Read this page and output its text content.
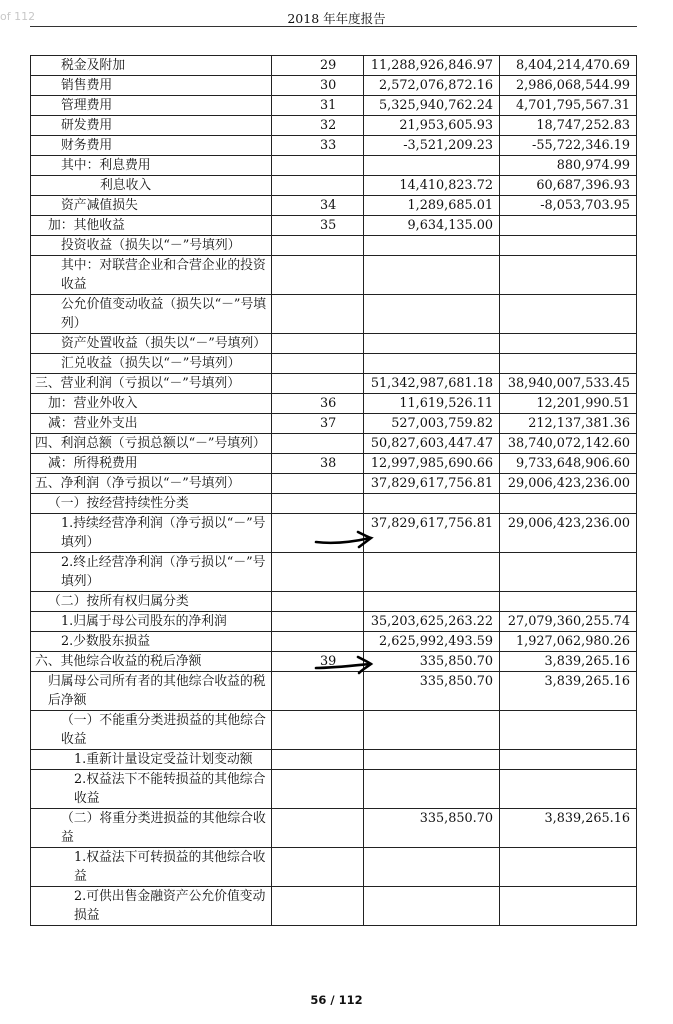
of 112	2018 年年度报告
税金及附加	29	11,288,926,846.97	8,404,214,470.69
销售费用	30	2,572,076,872.16	2,986,068,544.99
管理费用	31	5,325,940,762.24	4,701,795,567.31
研发费用	32	21,953,605.93	18,747,252.83
财务费用	33	-3,521,209.23	-55,722,346.19
其中：利息费用			880,974.99
利息收入		14,410,823.72	60,687,396.93
资产减值损失	34	1,289,685.01	-8,053,703.95
加：其他收益	35	9,634,135.00	
投资收益（损失以“－”号填列）			
其中：对联营企业和合营企业的投资收益			
公允价值变动收益（损失以“－”号填列）			
资产处置收益（损失以“－”号填列）			
汇兑收益（损失以“－”号填列）			
三、营业利润（亏损以“－”号填列）		51,342,987,681.18	38,940,007,533.45
加：营业外收入	36	11,619,526.11	12,201,990.51
减：营业外支出	37	527,003,759.82	212,137,381.36
四、利润总额（亏损总额以“－”号填列）		50,827,603,447.47	38,740,072,142.60
减：所得税费用	38	12,997,985,690.66	9,733,648,906.60
五、净利润（净亏损以“－”号填列）		37,829,617,756.81	29,006,423,236.00
（一）按经营持续性分类			
1.持续经营净利润（净亏损以“－”号填列）		37,829,617,756.81	29,006,423,236.00
2.终止经营净利润（净亏损以“－”号填列）			
（二）按所有权归属分类			
1.归属于母公司股东的净利润		35,203,625,263.22	27,079,360,255.74
2.少数股东损益		2,625,992,493.59	1,927,062,980.26
六、其他综合收益的税后净额	39	335,850.70	3,839,265.16
归属母公司所有者的其他综合收益的税后净额		335,850.70	3,839,265.16
（一）不能重分类进损益的其他综合收益			
1.重新计量设定受益计划变动额			
2.权益法下不能转损益的其他综合收益			
（二）将重分类进损益的其他综合收益		335,850.70	3,839,265.16
1.权益法下可转损益的其他综合收益			
2.可供出售金融资产公允价值变动损益			
56 / 112
